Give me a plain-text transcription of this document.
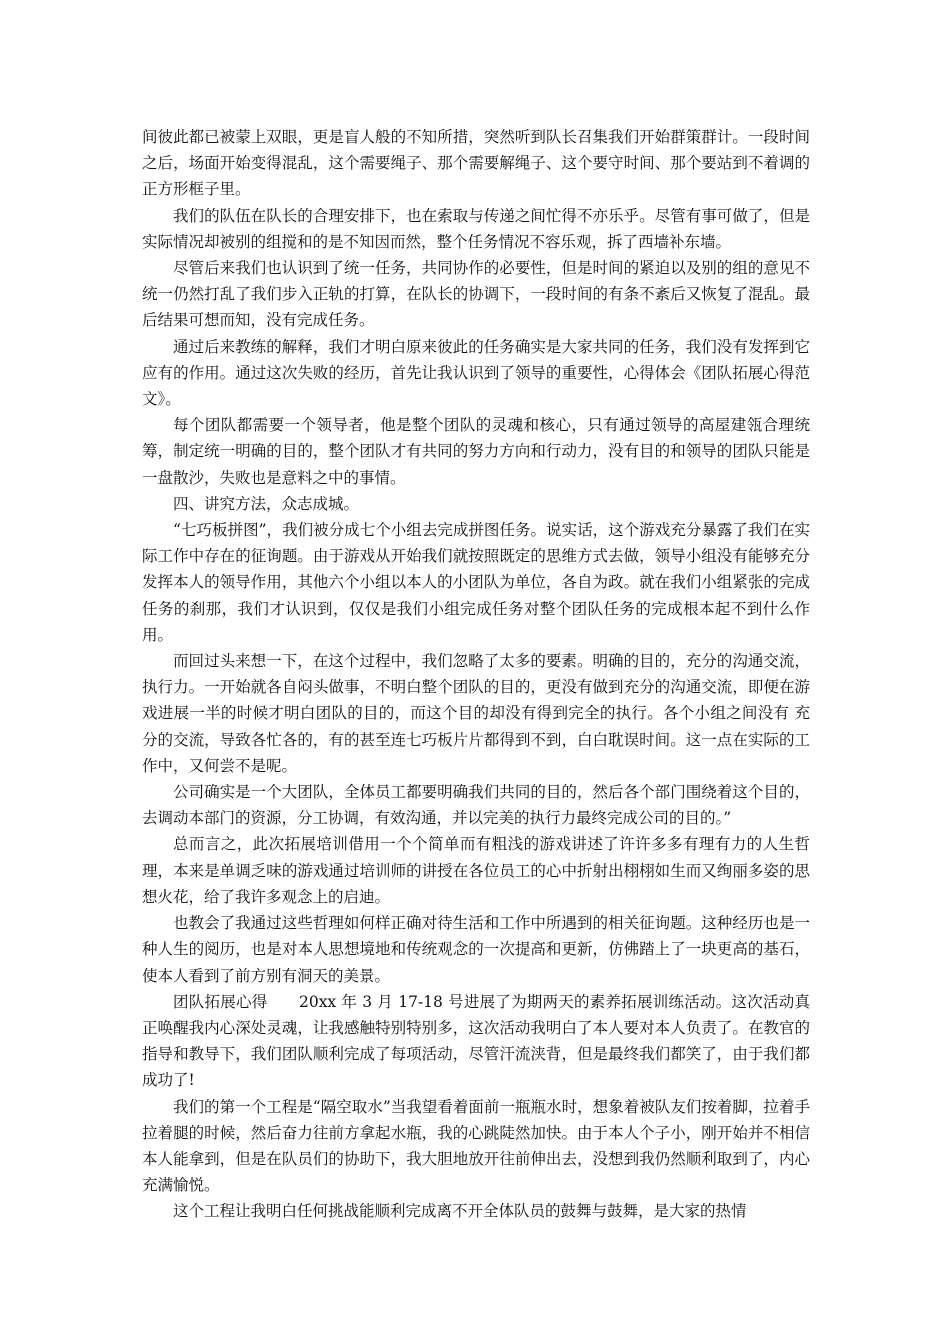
间彼此都已被蒙上双眼，更是盲人般的不知所措，突然听到队长召集我们开始群策群计。一段时间之后，场面开始变得混乱，这个需要绳子、那个需要解绳子、这个要守时间、那个要站到不着调的正方形框子里。

我们的队伍在队长的合理安排下，也在索取与传递之间忙得不亦乐乎。尽管有事可做了，但是实际情况却被别的组搅和的是不知因而然，整个任务情况不容乐观，拆了西墙补东墙。

尽管后来我们也认识到了统一任务，共同协作的必要性，但是时间的紧迫以及别的组的意见不统一仍然打乱了我们步入正轨的打算，在队长的协调下，一段时间的有条不紊后又恢复了混乱。最后结果可想而知，没有完成任务。

通过后来教练的解释，我们才明白原来彼此的任务确实是大家共同的任务，我们没有发挥到它应有的作用。通过这次失败的经历，首先让我认识到了领导的重要性，心得体会《团队拓展心得范文》。

每个团队都需要一个领导者，他是整个团队的灵魂和核心，只有通过领导的高屋建瓴合理统筹，制定统一明确的目的，整个团队才有共同的努力方向和行动力，没有目的和领导的团队只能是一盘散沙，失败也是意料之中的事情。

四、讲究方法，众志成城。

“七巧板拼图”，我们被分成七个小组去完成拼图任务。说实话，这个游戏充分暴露了我们在实际工作中存在的征询题。由于游戏从开始我们就按照既定的思维方式去做，领导小组没有能够充分发挥本人的领导作用，其他六个小组以本人的小团队为单位，各自为政。就在我们小组紧张的完成任务的刹那，我们才认识到，仅仅是我们小组完成任务对整个团队任务的完成根本起不到什么作用。

而回过头来想一下，在这个过程中，我们忽略了太多的要素。明确的目的，充分的沟通交流，执行力。一开始就各自闷头做事，不明白整个团队的目的，更没有做到充分的沟通交流，即便在游戏进展一半的时候才明白团队的目的，而这个目的却没有得到完全的执行。各个小组之间没有 充分的交流，导致各忙各的，有的甚至连七巧板片片都得到不到，白白耽误时间。这一点在实际的工作中，又何尝不是呢。

公司确实是一个大团队，全体员工都要明确我们共同的目的，然后各个部门围绕着这个目的，去调动本部门的资源，分工协调，有效沟通，并以完美的执行力最终完成公司的目的。”

总而言之，此次拓展培训借用一个个简单而有粗浅的游戏讲述了许许多多有理有力的人生哲理，本来是单调乏味的游戏通过培训师的讲授在各位员工的心中折射出栩栩如生而又绚丽多姿的思想火花，给了我许多观念上的启迪。

也教会了我通过这些哲理如何样正确对待生活和工作中所遇到的相关征询题。这种经历也是一种人生的阅历，也是对本人思想境地和传统观念的一次提高和更新，仿佛踏上了一块更高的基石，使本人看到了前方别有洞天的美景。

团队拓展心得　　20xx 年 3 月 17-18 号进展了为期两天的素养拓展训练活动。这次活动真正唤醒我内心深处灵魂，让我感触特别特别多，这次活动我明白了本人要对本人负责了。在教官的指导和教导下，我们团队顺利完成了每项活动，尽管汗流浃背，但是最终我们都笑了，由于我们都成功了!

我们的第一个工程是“隔空取水”当我望看着面前一瓶瓶水时，想象着被队友们按着脚，拉着手拉着腿的时候，然后奋力往前方拿起水瓶，我的心跳陡然加快。由于本人个子小，刚开始并不相信本人能拿到，但是在队员们的协助下，我大胆地放开往前伸出去，没想到我仍然顺利取到了，内心充满愉悦。

这个工程让我明白任何挑战能顺利完成离不开全体队员的鼓舞与鼓舞，是大家的热情
